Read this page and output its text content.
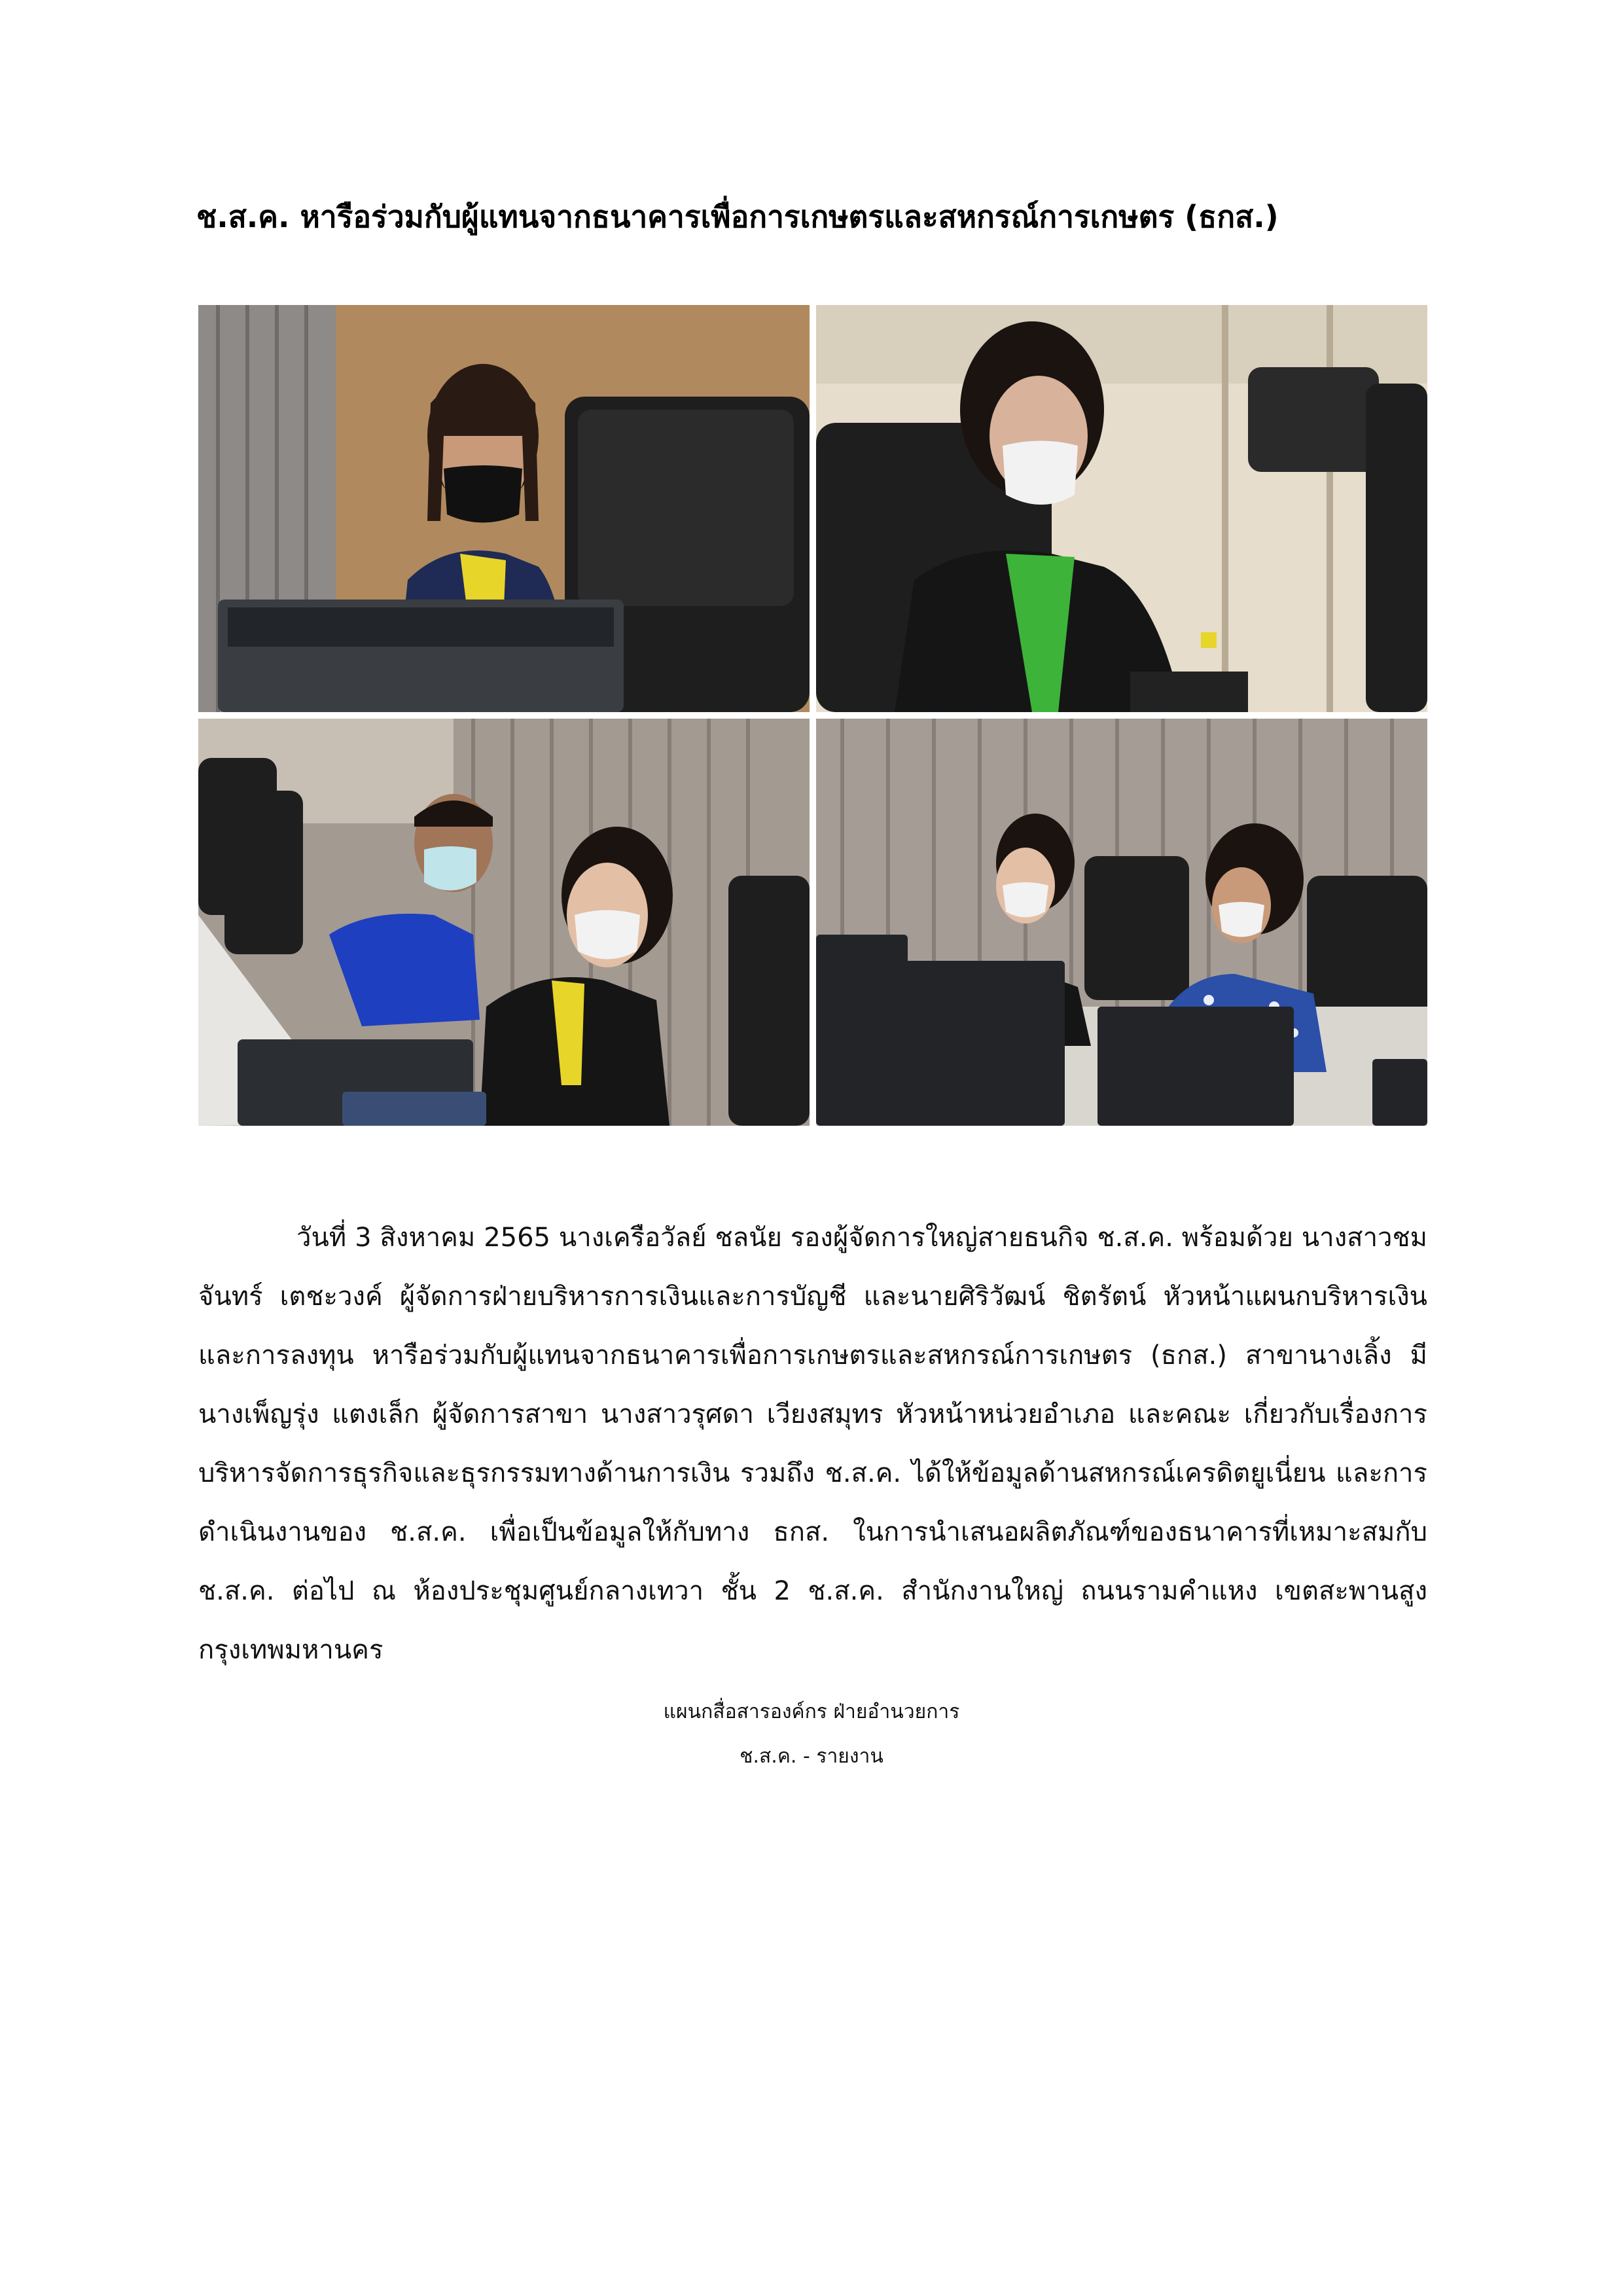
ช.ส.ค. หารือร่วมกับผู้แทนจากธนาคารเพื่อการเกษตรและสหกรณ์การเกษตร (ธกส.)

วันที่ 3 สิงหาคม 2565 นางเครือวัลย์ ชลนัย รองผู้จัดการใหญ่สายธนกิจ ช.ส.ค. พร้อมด้วย นางสาวชมจันทร์ เตชะวงค์ ผู้จัดการฝ่ายบริหารการเงินและการบัญชี และนายศิริวัฒน์ ชิตรัตน์ หัวหน้าแผนกบริหารเงินและการลงทุน หารือร่วมกับผู้แทนจากธนาคารเพื่อการเกษตรและสหกรณ์การเกษตร (ธกส.) สาขานางเลิ้ง มีนางเพ็ญรุ่ง แตงเล็ก ผู้จัดการสาขา นางสาวรุศดา เวียงสมุทร หัวหน้าหน่วยอำเภอ และคณะ เกี่ยวกับเรื่องการบริหารจัดการธุรกิจและธุรกรรมทางด้านการเงิน รวมถึง ช.ส.ค. ได้ให้ข้อมูลด้านสหกรณ์เครดิตยูเนี่ยน และการดำเนินงานของ ช.ส.ค. เพื่อเป็นข้อมูลให้กับทาง ธกส. ในการนำเสนอผลิตภัณฑ์ของธนาคารที่เหมาะสมกับ ช.ส.ค. ต่อไป ณ ห้องประชุมศูนย์กลางเทวา ชั้น 2 ช.ส.ค. สำนักงานใหญ่ ถนนรามคำแหง เขตสะพานสูง กรุงเทพมหานคร

แผนกสื่อสารองค์กร ฝ่ายอำนวยการ
ช.ส.ค. - รายงาน
